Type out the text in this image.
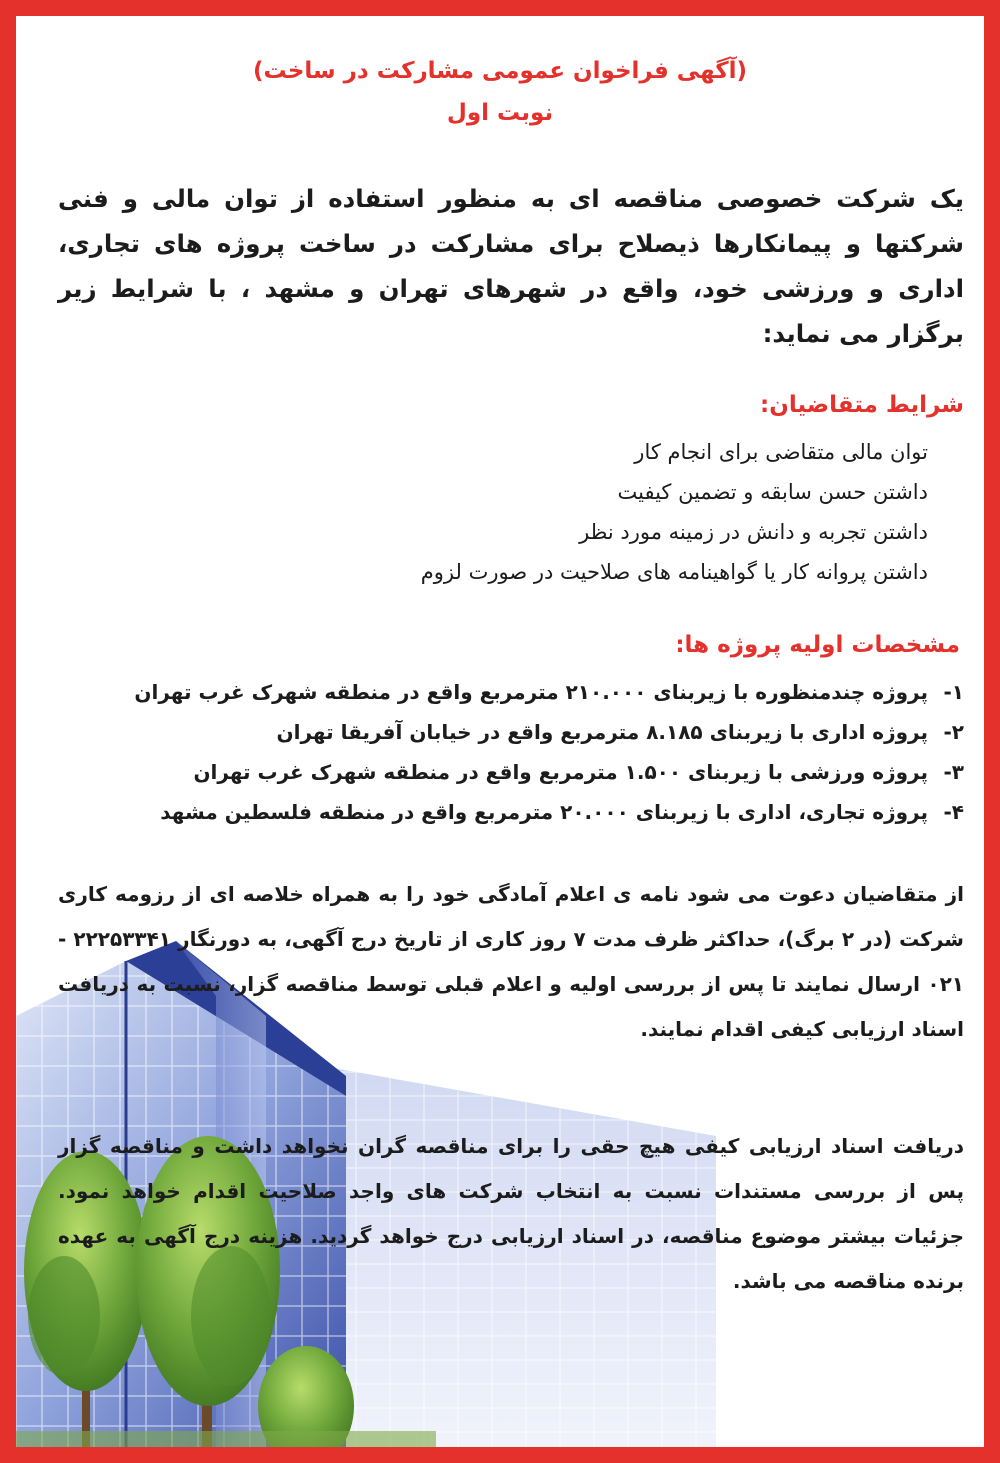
(آگهی فراخوان عمومی مشارکت در ساخت)
نوبت اول

یک شرکت خصوصی مناقصه ای به منظور استفاده از توان مالی و فنی شرکتها و پیمانکارها ذیصلاح برای مشارکت در ساخت پروژه های تجاری، اداری و ورزشی خود، واقع در شهرهای تهران و مشهد ، با شرایط زیر برگزار می نماید:

شرایط متقاضیان:
توان مالی متقاضی برای انجام کار
داشتن حسن سابقه و تضمین کیفیت
داشتن تجربه و دانش در زمینه مورد نظر
داشتن پروانه کار یا گواهینامه های صلاحیت در صورت لزوم
مشخصات اولیه پروژه ها:
۱-پروژه چندمنظوره با زیربنای ۲۱۰.۰۰۰ مترمربع واقع در منطقه شهرک غرب تهران
۲-پروژه اداری با زیربنای ۸.۱۸۵ مترمربع واقع در خیابان آفریقا تهران
۳-پروژه ورزشی با زیربنای ۱.۵۰۰ مترمربع واقع در منطقه شهرک غرب تهران
۴-پروژه تجاری، اداری با زیربنای ۲۰.۰۰۰ مترمربع واقع در منطقه فلسطین مشهد

از متقاضیان دعوت می شود نامه ی اعلام آمادگی خود را به همراه خلاصه ای از رزومه کاری شرکت (در ۲ برگ)، حداکثر ظرف مدت ۷ روز کاری از تاریخ درج آگهی، به دورنگار ۲۲۲۵۳۳۴۱ - ۰۲۱ ارسال نمایند تا پس از بررسی اولیه و اعلام قبلی توسط مناقصه گزار، نسبت به دریافت اسناد ارزیابی کیفی اقدام نمایند.

دریافت اسناد ارزیابی کیفی هیچ حقی را برای مناقصه گران نخواهد داشت و مناقصه گزار پس از بررسی مستندات نسبت به انتخاب شرکت های واجد صلاحیت اقدام خواهد نمود. جزئیات بیشتر موضوع مناقصه، در اسناد ارزیابی درج خواهد گردید. هزینه درج آگهی به عهده برنده مناقصه می باشد.
